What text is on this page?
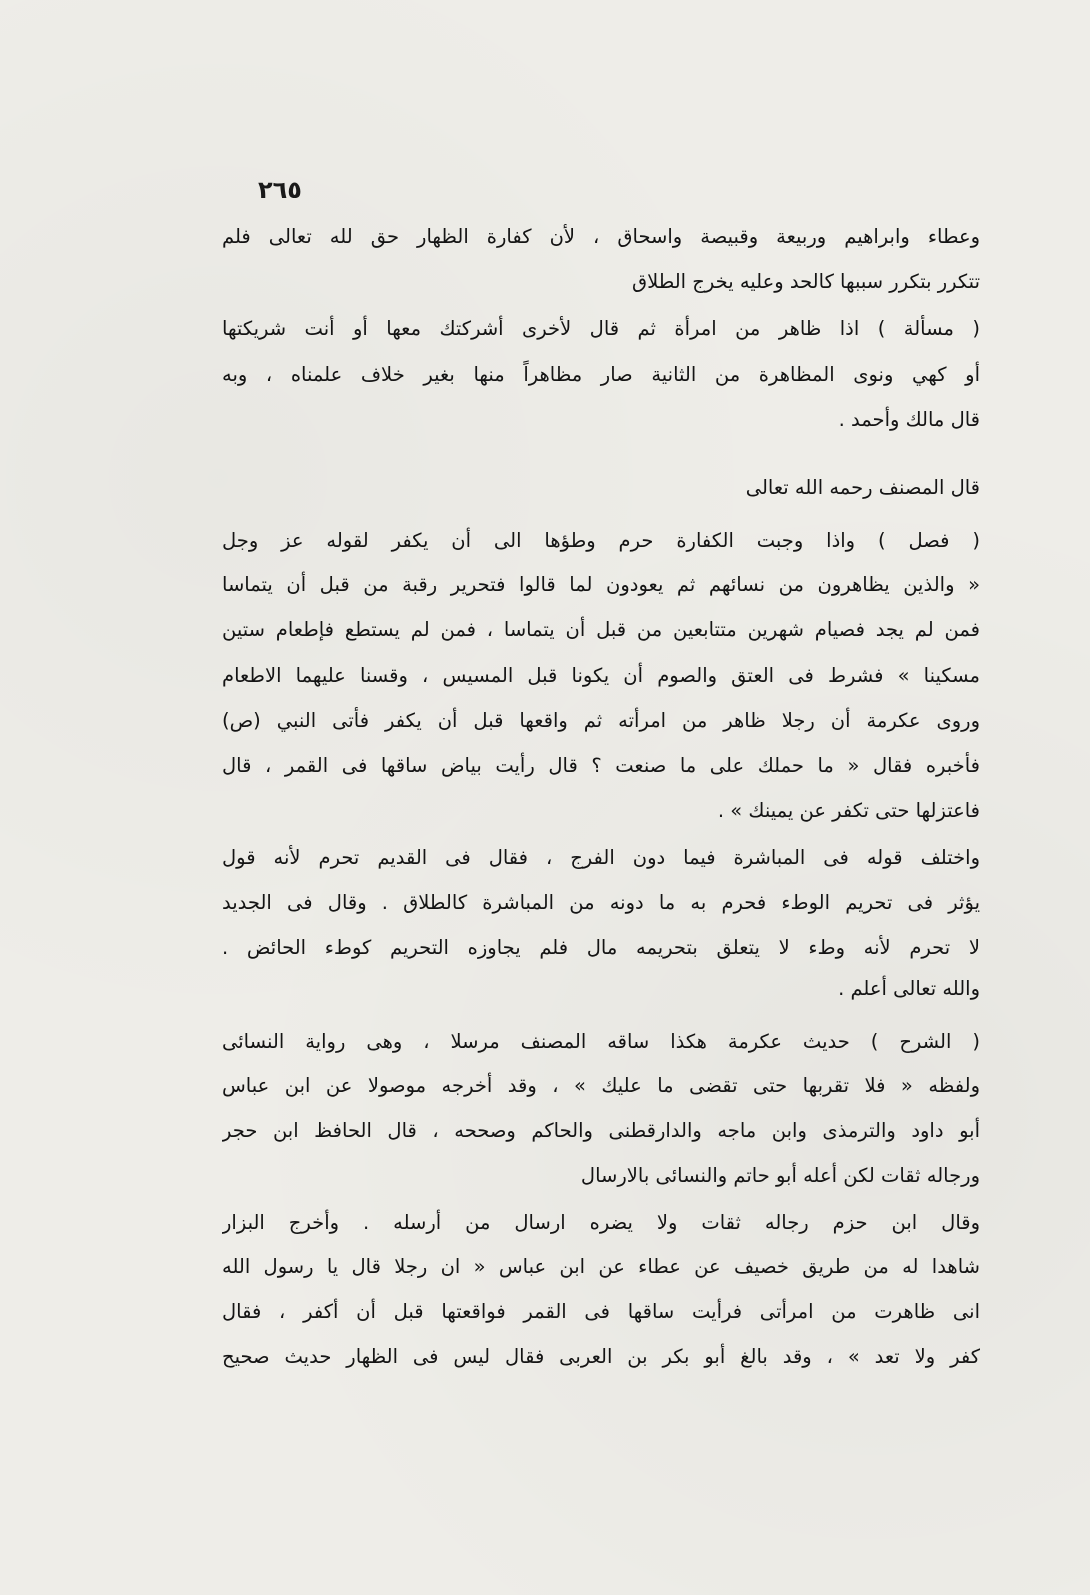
٢٦٥
وعطاء وابراهيم وربيعة وقبيصة واسحاق ، لأن كفارة الظهار حق لله تعالى فلم
تتكرر بتكرر سببها كالحد وعليه يخرج الطلاق
( مسألة ) اذا ظاهر من امرأة ثم قال لأخرى أشركتك معها أو أنت شريكتها
أو كهي ونوى المظاهرة من الثانية صار مظاهراً منها بغير خلاف علمناه ، وبه
قال مالك وأحمد .
قال المصنف رحمه الله تعالى
( فصل ) واذا وجبت الكفارة حرم وطؤها الى أن يكفر لقوله عز وجل
« والذين يظاهرون من نسائهم ثم يعودون لما قالوا فتحرير رقبة من قبل أن يتماسا
فمن لم يجد فصيام شهرين متتابعين من قبل أن يتماسا ، فمن لم يستطع فإطعام ستين
مسكينا » فشرط فى العتق والصوم أن يكونا قبل المسيس ، وقسنا عليهما الاطعام
وروى عكرمة أن رجلا ظاهر من امرأته ثم واقعها قبل أن يكفر فأتى النبي (ص)
فأخبره فقال « ما حملك على ما صنعت ؟ قال رأيت بياض ساقها فى القمر ، قال
فاعتزلها حتى تكفر عن يمينك » .
واختلف قوله فى المباشرة فيما دون الفرج ، فقال فى القديم تحرم لأنه قول
يؤثر فى تحريم الوطء فحرم به ما دونه من المباشرة كالطلاق . وقال فى الجديد
لا تحرم لأنه وطء لا يتعلق بتحريمه مال فلم يجاوزه التحريم كوطء الحائض .
والله تعالى أعلم .
( الشرح ) حديث عكرمة هكذا ساقه المصنف مرسلا ، وهى رواية النسائى
ولفظه « فلا تقربها حتى تقضى ما عليك » ، وقد أخرجه موصولا عن ابن عباس
أبو داود والترمذى وابن ماجه والدارقطنى والحاكم وصححه ، قال الحافظ ابن حجر
ورجاله ثقات لكن أعله أبو حاتم والنسائى بالارسال
وقال ابن حزم رجاله ثقات ولا يضره ارسال من أرسله . وأخرج البزار
شاهدا له من طريق خصيف عن عطاء عن ابن عباس « ان رجلا قال يا رسول الله
انى ظاهرت من امرأتى فرأيت ساقها فى القمر فواقعتها قبل أن أكفر ، فقال
كفر ولا تعد » ، وقد بالغ أبو بكر بن العربى فقال ليس فى الظهار حديث صحيح
